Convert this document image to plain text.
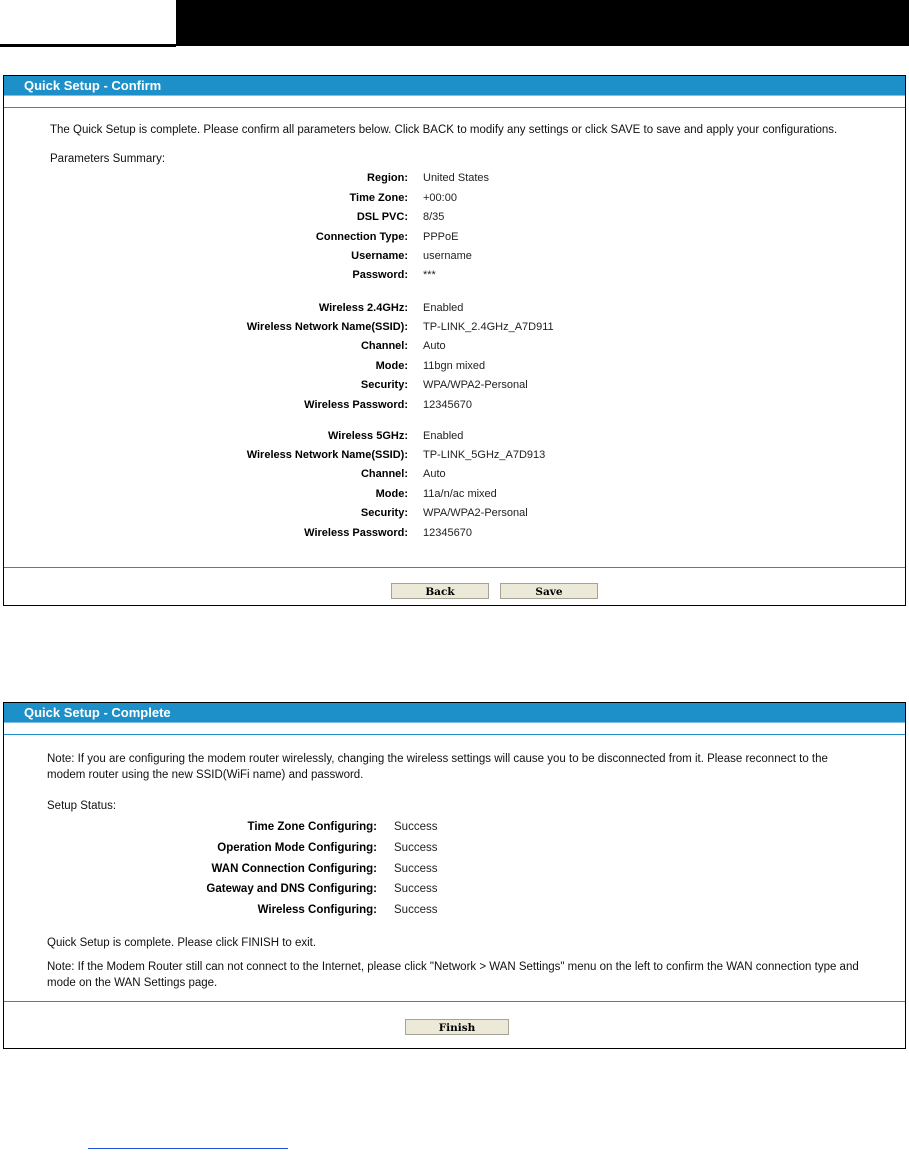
Quick Setup - Confirm
The Quick Setup is complete. Please confirm all parameters below. Click BACK to modify any settings or click SAVE to save and apply your configurations.
Parameters Summary:
Region: United States
Time Zone: +00:00
DSL PVC: 8/35
Connection Type: PPPoE
Username: username
Password: ***
Wireless 2.4GHz: Enabled
Wireless Network Name(SSID): TP-LINK_2.4GHz_A7D911
Channel: Auto
Mode: 11bgn mixed
Security: WPA/WPA2-Personal
Wireless Password: 12345670
Wireless 5GHz: Enabled
Wireless Network Name(SSID): TP-LINK_5GHz_A7D913
Channel: Auto
Mode: 11a/n/ac mixed
Security: WPA/WPA2-Personal
Wireless Password: 12345670
Back	Save
Quick Setup - Complete
Note: If you are configuring the modem router wirelessly, changing the wireless settings will cause you to be disconnected from it. Please reconnect to the modem router using the new SSID(WiFi name) and password.
Setup Status:
Time Zone Configuring: Success
Operation Mode Configuring: Success
WAN Connection Configuring: Success
Gateway and DNS Configuring: Success
Wireless Configuring: Success
Quick Setup is complete. Please click FINISH to exit.
Note: If the Modem Router still can not connect to the Internet, please click "Network > WAN Settings" menu on the left to confirm the WAN connection type and mode on the WAN Settings page.
Finish
